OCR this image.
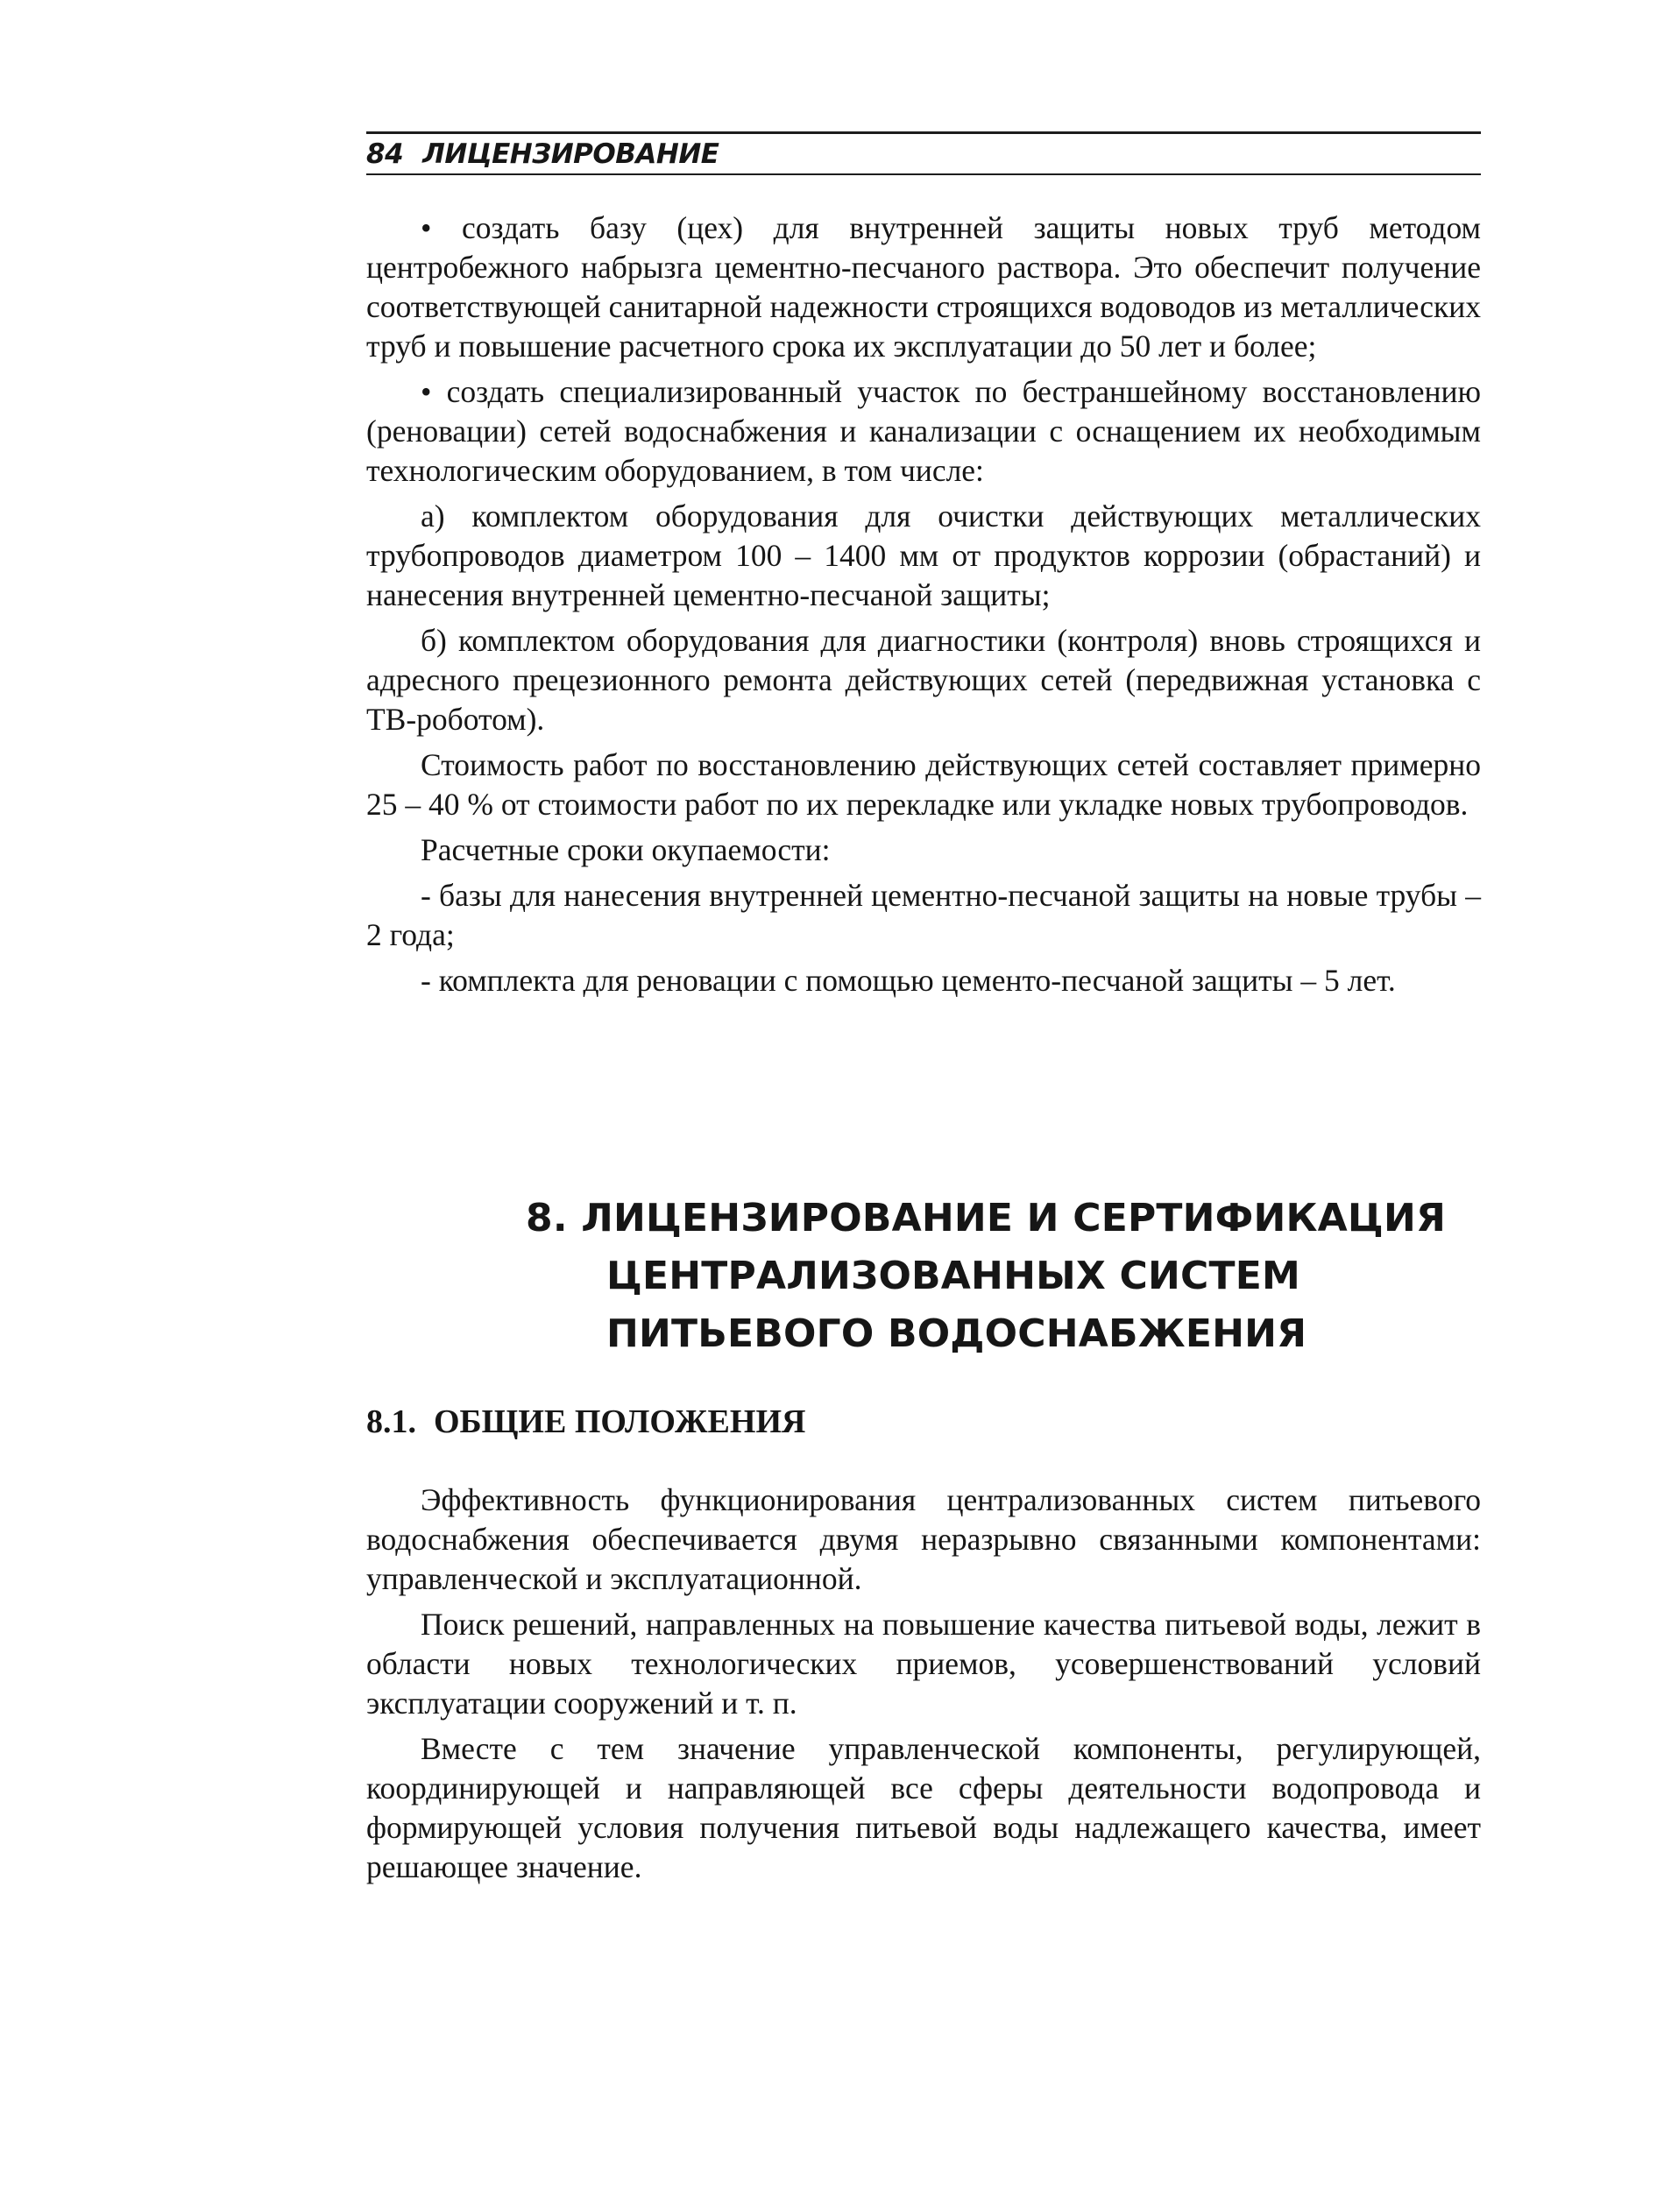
84 ЛИЦЕНЗИРОВАНИЕ

• создать базу (цех) для внутренней защиты новых труб методом центробежного набрызга цементно-песчаного раствора. Это обеспечит получение соответствующей санитарной надежности строящихся водоводов из металлических труб и повышение расчетного срока их эксплуатации до 50 лет и более;

• создать специализированный участок по бестраншейному восстановлению (реновации) сетей водоснабжения и канализации с оснащением их необходимым технологическим оборудованием, в том числе:

а) комплектом оборудования для очистки действующих металлических трубопроводов диаметром 100 – 1400 мм от продуктов коррозии (обрастаний) и нанесения внутренней цементно-песчаной защиты;

б) комплектом оборудования для диагностики (контроля) вновь строящихся и адресного прецезионного ремонта действующих сетей (передвижная установка с ТВ-роботом).

Стоимость работ по восстановлению действующих сетей составляет примерно 25 – 40 % от стоимости работ по их перекладке или укладке новых трубопроводов.

Расчетные сроки окупаемости:

- базы для нанесения внутренней цементно-песчаной защиты на новые трубы – 2 года;

- комплекта для реновации с помощью цементо-песчаной защиты – 5 лет.

8. ЛИЦЕНЗИРОВАНИЕ И СЕРТИФИКАЦИЯ
ЦЕНТРАЛИЗОВАННЫХ СИСТЕМ
ПИТЬЕВОГО ВОДОСНАБЖЕНИЯ
8.1. ОБЩИЕ ПОЛОЖЕНИЯ

Эффективность функционирования централизованных систем питьевого водоснабжения обеспечивается двумя неразрывно связанными компонентами: управленческой и эксплуатационной.

Поиск решений, направленных на повышение качества питьевой воды, лежит в области новых технологических приемов, усовершенствований условий эксплуатации сооружений и т. п.

Вместе с тем значение управленческой компоненты, регулирующей, координирующей и направляющей все сферы деятельности водопровода и формирующей условия получения питьевой воды надлежащего качества, имеет решающее значение.
